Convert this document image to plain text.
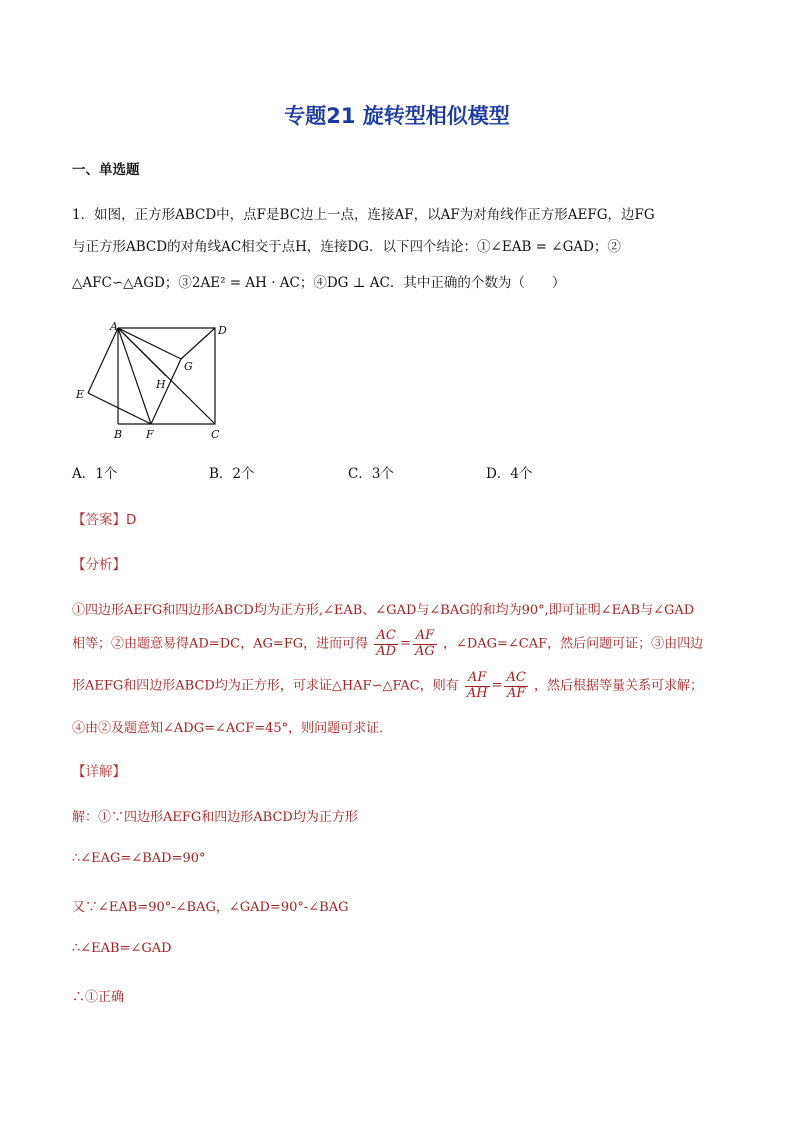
专题21 旋转型相似模型
一、单选题
1．如图，正方形ABCD中，点F是BC边上一点，连接AF，以AF为对角线作正方形AEFG，边FG
与正方形ABCD的对角线AC相交于点H，连接DG．以下四个结论：①∠EAB = ∠GAD；②
△AFC∽△AGD；③2AE² = AH · AC；④DG ⊥ AC．其中正确的个数为（　　）
A	D
G
H
E
B F	C
A．1个	B．2个	C．3个	D．4个
【答案】D
【分析】
①四边形AEFG和四边形ABCD均为正方形,∠EAB、∠GAD与∠BAG的和均为90°,即可证明∠EAB与∠GAD
相等；②由题意易得AD=DC，AG=FG，进而可得 $\frac{AC}{AD} = \frac{AF}{AG}$ ，∠DAG=∠CAF，然后问题可证；③由四边
形AEFG和四边形ABCD均为正方形，可求证△HAF∽△FAC，则有 $\frac{AF}{AH} = \frac{AC}{AF}$ ，然后根据等量关系可求解；
④由②及题意知∠ADG=∠ACF=45°，则问题可求证．
【详解】
解：①∵四边形AEFG和四边形ABCD均为正方形
∴∠EAG=∠BAD=90°
又∵∠EAB=90°-∠BAG，∠GAD=90°-∠BAG
∴∠EAB=∠GAD
∴①正确
